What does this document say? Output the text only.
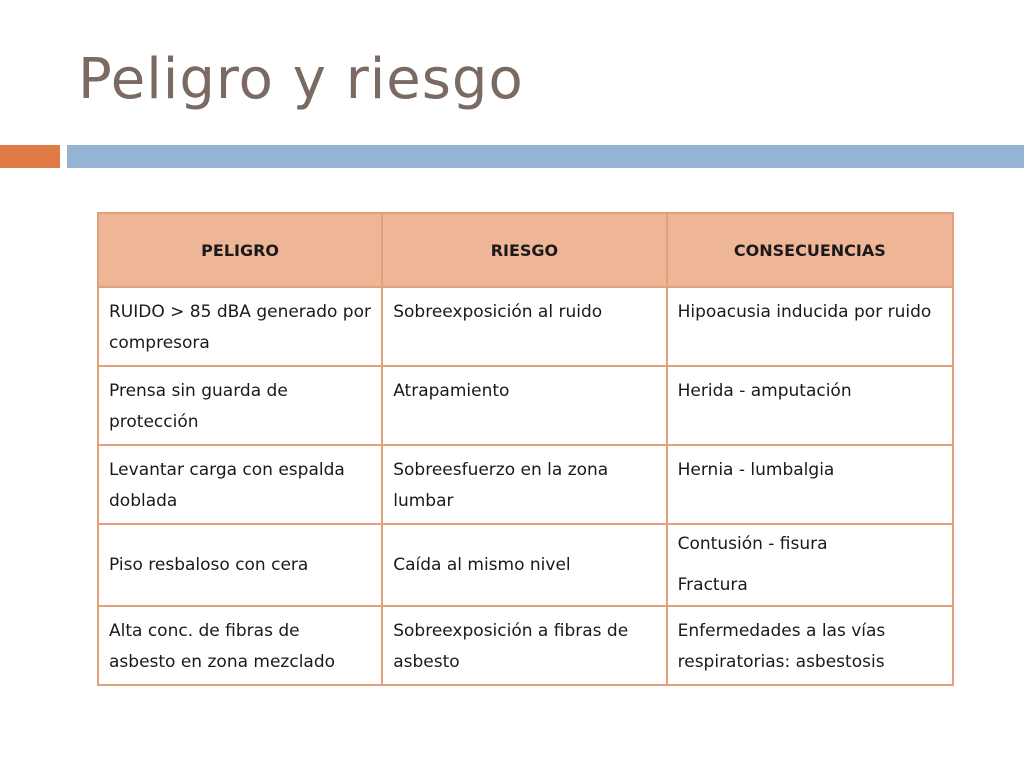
Peligro y riesgo
PELIGRO	RIESGO	CONSECUENCIAS
RUIDO > 85 dBA generado por compresora	Sobreexposición al ruido	Hipoacusia inducida por ruido

Prensa sin guarda de protección	Atrapamiento	Herida - amputación

Levantar carga con espalda doblada	Sobreesfuerzo en la zona lumbar	Hernia - lumbalgia

Piso resbaloso con cera	Caída al mismo nivel	Contusión - fisura
Fractura

Alta conc. de fibras de asbesto en zona mezclado	Sobreexposición a fibras de asbesto	Enfermedades a las vías respiratorias: asbestosis
